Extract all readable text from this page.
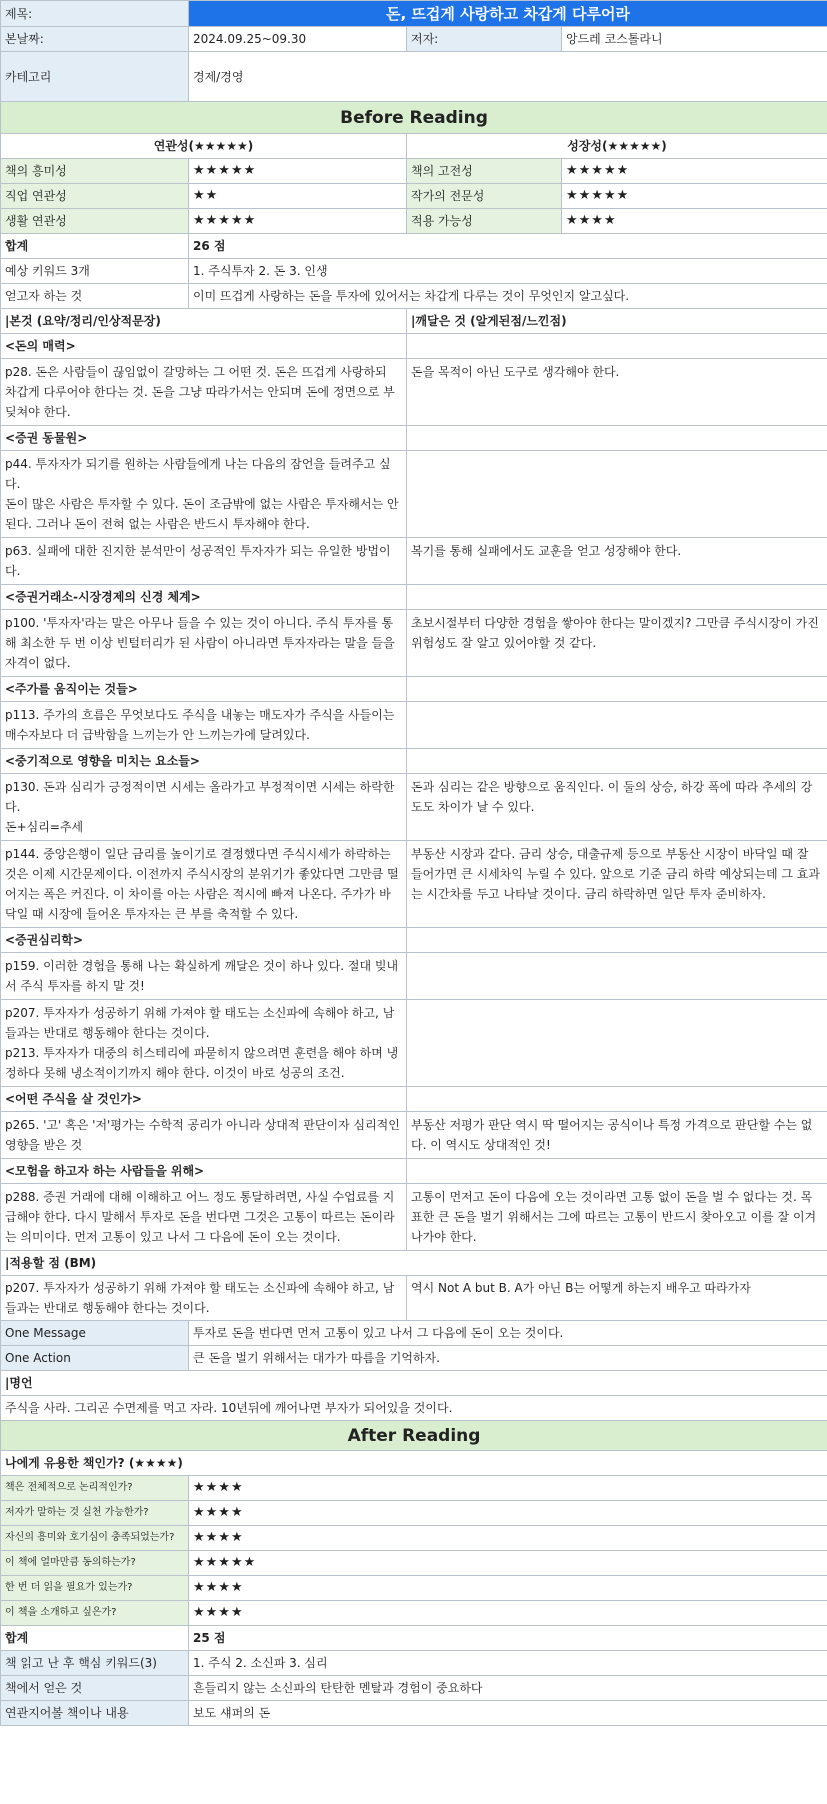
제목:	돈, 뜨겁게 사랑하고 차갑게 다루어라		
본날짜:	2024.09.25~09.30	저자:	앙드레 코스톨라니
카테고리	경제/경영		
Before Reading			
연관성(★★★★★)		성장성(★★★★★)	
책의 흥미성	★★★★★	책의 고전성	★★★★★
직업 연관성	★★	작가의 전문성	★★★★★
생활 연관성	★★★★★	적용 가능성	★★★★
합계	26 점		
예상 키워드 3개	1. 주식투자 2. 돈 3. 인생		
얻고자 하는 것	이미 뜨겁게 사랑하는 돈을 투자에 있어서는 차갑게 다루는 것이 무엇인지 알고싶다.		
|본것 (요약/정리/인상적문장)		|깨달은 것 (알게된점/느낀점)	
<돈의 매력>			
p28. 돈은 사람들이 끊임없이 갈망하는 그 어떤 것. 돈은 뜨겁게 사랑하되 차갑게 다루어야 한다는 것. 돈을 그냥 따라가서는 안되며 돈에 정면으로 부딪쳐야 한다.		돈을 목적이 아닌 도구로 생각해야 한다.	
<증권 동물원>			
p44. 투자자가 되기를 원하는 사람들에게 나는 다음의 잠언을 들려주고 싶다.
돈이 많은 사람은 투자할 수 있다. 돈이 조금밖에 없는 사람은 투자해서는 안된다. 그러나 돈이 전혀 없는 사람은 반드시 투자해야 한다.			
p63. 실패에 대한 진지한 분석만이 성공적인 투자자가 되는 유일한 방법이다.		복기를 통해 실패에서도 교훈을 얻고 성장해야 한다.	
<증권거래소-시장경제의 신경 체계>			
p100. '투자자'라는 말은 아무나 들을 수 있는 것이 아니다. 주식 투자를 통해 최소한 두 번 이상 빈털터리가 된 사람이 아니라면 투자자라는 말을 들을 자격이 없다.		초보시절부터 다양한 경험을 쌓아야 한다는 말이겠지? 그만큼 주식시장이 가진 위험성도 잘 알고 있어야할 것 같다.	
<주가를 움직이는 것들>			
p113. 주가의 흐름은 무엇보다도 주식을 내놓는 매도자가 주식을 사들이는 매수자보다 더 급박함을 느끼는가 안 느끼는가에 달려있다.			
<중기적으로 영향을 미치는 요소들>			
p130. 돈과 심리가 긍정적이면 시세는 올라가고 부정적이면 시세는 하락한다.
돈+심리=추세		돈과 심리는 같은 방향으로 움직인다. 이 둘의 상승, 하강 폭에 따라 추세의 강도도 차이가 날 수 있다.	
p144. 중앙은행이 일단 금리를 높이기로 결정했다면 주식시세가 하락하는 것은 이제 시간문제이다. 이전까지 주식시장의 분위기가 좋았다면 그만큼 떨어지는 폭은 커진다. 이 차이를 아는 사람은 적시에 빠져 나온다. 주가가 바닥일 때 시장에 들어온 투자자는 큰 부를 축적할 수 있다.		부동산 시장과 같다. 금리 상승, 대출규제 등으로 부동산 시장이 바닥일 때 잘 들어가면 큰 시세차익 누릴 수 있다. 앞으로 기준 금리 하락 예상되는데 그 효과는 시간차를 두고 나타날 것이다. 금리 하락하면 일단 투자 준비하자.	
<증권심리학>			
p159. 이러한 경험을 통해 나는 확실하게 깨달은 것이 하나 있다. 절대 빚내서 주식 투자를 하지 말 것!			
p207. 투자자가 성공하기 위해 가져야 할 태도는 소신파에 속해야 하고, 남들과는 반대로 행동해야 한다는 것이다.
p213. 투자자가 대중의 히스테리에 파묻히지 않으려면 훈련을 해야 하며 냉정하다 못해 냉소적이기까지 해야 한다. 이것이 바로 성공의 조건.			
<어떤 주식을 살 것인가>			
p265. '고' 혹은 '저'평가는 수학적 공리가 아니라 상대적 판단이자 심리적인 영향을 받은 것		부동산 저평가 판단 역시 딱 떨어지는 공식이나 특정 가격으로 판단할 수는 없다. 이 역시도 상대적인 것!	
<모험을 하고자 하는 사람들을 위해>			
p288. 증권 거래에 대해 이해하고 어느 정도 통달하려면, 사실 수업료를 지급해야 한다. 다시 말해서 투자로 돈을 번다면 그것은 고통이 따르는 돈이라는 의미이다. 먼저 고통이 있고 나서 그 다음에 돈이 오는 것이다.		고통이 먼저고 돈이 다음에 오는 것이라면 고통 없이 돈을 벌 수 없다는 것. 목표한 큰 돈을 벌기 위해서는 그에 따르는 고통이 반드시 찾아오고 이를 잘 이겨 나가야 한다.	
|적용할 점 (BM)			
p207. 투자자가 성공하기 위해 가져야 할 태도는 소신파에 속해야 하고, 남들과는 반대로 행동해야 한다는 것이다.		역시 Not A but B. A가 아닌 B는 어떻게 하는지 배우고 따라가자	
One Message	투자로 돈을 번다면 먼저 고통이 있고 나서 그 다음에 돈이 오는 것이다.		
One Action	큰 돈을 벌기 위해서는 대가가 따름을 기억하자.		
|명언			
주식을 사라. 그리곤 수면제를 먹고 자라. 10년뒤에 깨어나면 부자가 되어있을 것이다.			
After Reading			
나에게 유용한 책인가? (★★★★)			
책은 전체적으로 논리적인가?	★★★★		
저자가 말하는 것 실천 가능한가?	★★★★		
자신의 흥미와 호기심이 충족되었는가?	★★★★		
이 책에 얼마만큼 동의하는가?	★★★★★		
한 번 더 읽을 필요가 있는가?	★★★★		
이 책을 소개하고 싶은가?	★★★★		
합계	25 점		
책 읽고 난 후 핵심 키워드(3)	1. 주식 2. 소신파 3. 심리		
책에서 얻은 것	흔들리지 않는 소신파의 탄탄한 멘탈과 경험이 중요하다		
연관지어볼 책이나 내용	보도 섀퍼의 돈		
